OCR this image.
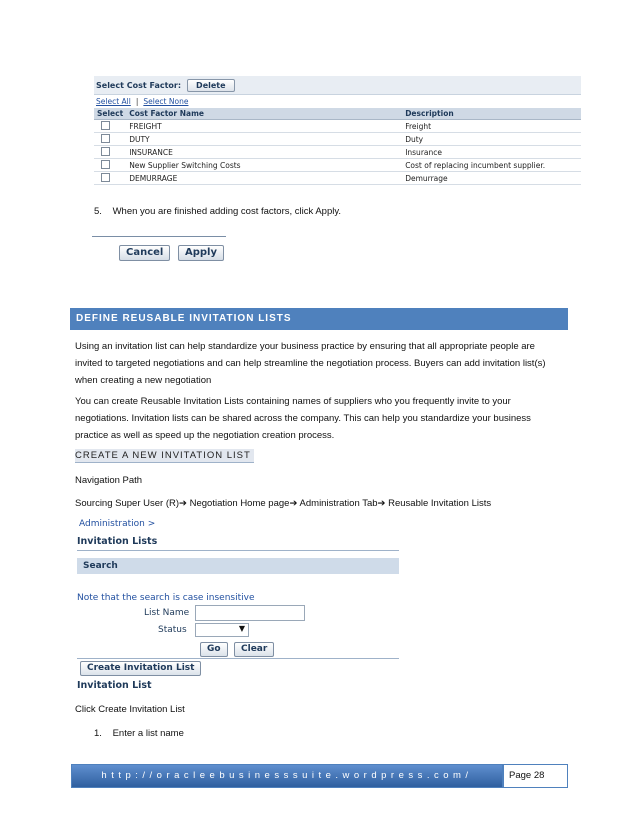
Select Cost Factor:	Delete
Select All | Select None
Select	Cost Factor Name	Description
	FREIGHT	Freight
	DUTY	Duty
	INSURANCE	Insurance
	New Supplier Switching Costs	Cost of replacing incumbent supplier.
	DEMURRAGE	Demurrage
5. When you are finished adding cost factors, click Apply.
Cancel	Apply
DEFINE REUSABLE INVITATION LISTS
Using an invitation list can help standardize your business practice by ensuring that all appropriate people are invited to targeted negotiations and can help streamline the negotiation process. Buyers can add invitation list(s) when creating a new negotiation
You can create Reusable Invitation Lists containing names of suppliers who you frequently invite to your negotiations. Invitation lists can be shared across the company. This can help you standardize your business practice as well as speed up the negotiation creation process.
CREATE A NEW INVITATION LIST
Navigation Path
Sourcing Super User (R)➔ Negotiation Home page➔ Administration Tab➔ Reusable Invitation Lists
Administration >
Invitation Lists
Search
Note that the search is case insensitive
List Name
Status	▼
Go	Clear
Create Invitation List
Invitation List
Click Create Invitation List
1. Enter a list name
http://oracleebusinesssuite.wordpress.com/	Page 28
